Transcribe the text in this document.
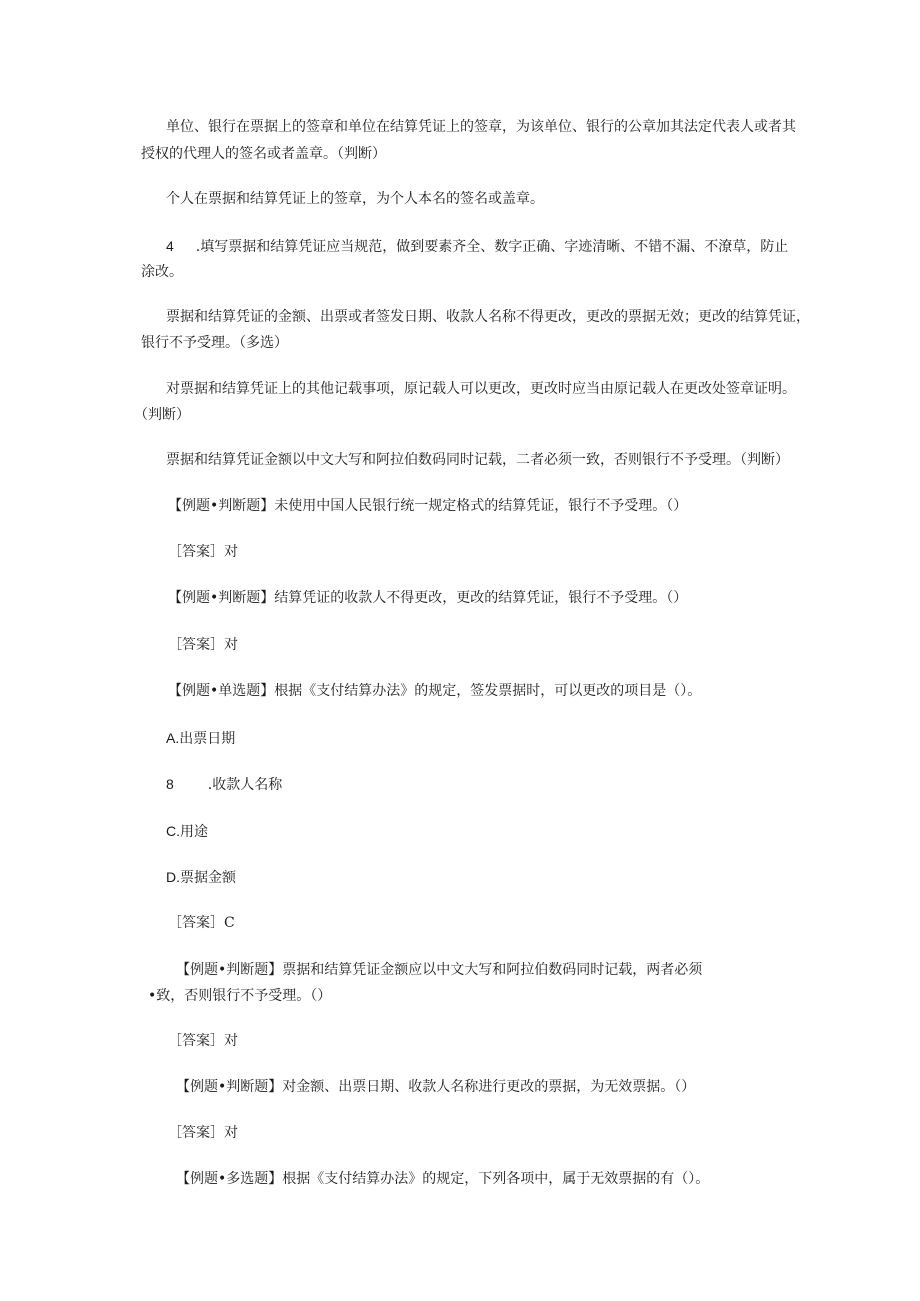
单位、银行在票据上的签章和单位在结算凭证上的签章，为该单位、银行的公章加其法定代表人或者其

授权的代理人的签名或者盖章。（判断）

个人在票据和结算凭证上的签章，为个人本名的签名或盖章。

4 .填写票据和结算凭证应当规范，做到要素齐全、数字正确、字迹清晰、不错不漏、不潦草，防止

涂改。

票据和结算凭证的金额、出票或者签发日期、收款人名称不得更改，更改的票据无效；更改的结算凭证，

银行不予受理。（多选）

对票据和结算凭证上的其他记载事项，原记载人可以更改，更改时应当由原记载人在更改处签章证明。

（判断）

票据和结算凭证金额以中文大写和阿拉伯数码同时记载，二者必须一致，否则银行不予受理。（判断）

【例题•判断题】未使用中国人民银行统一规定格式的结算凭证，银行不予受理。（）

［答案］对

【例题•判断题】结算凭证的收款人不得更改，更改的结算凭证，银行不予受理。（）

［答案］对

【例题•单选题】根据《支付结算办法》的规定，签发票据时，可以更改的项目是（）。

A.出票日期

8 .收款人名称

C.用途

D.票据金额

［答案］C

【例题•判断题】票据和结算凭证金额应以中文大写和阿拉伯数码同时记载，两者必须

•致，否则银行不予受理。（）

［答案］对

【例题•判断题】对金额、出票日期、收款人名称进行更改的票据，为无效票据。（）

［答案］对

【例题•多选题】根据《支付结算办法》的规定，下列各项中，属于无效票据的有（）。
